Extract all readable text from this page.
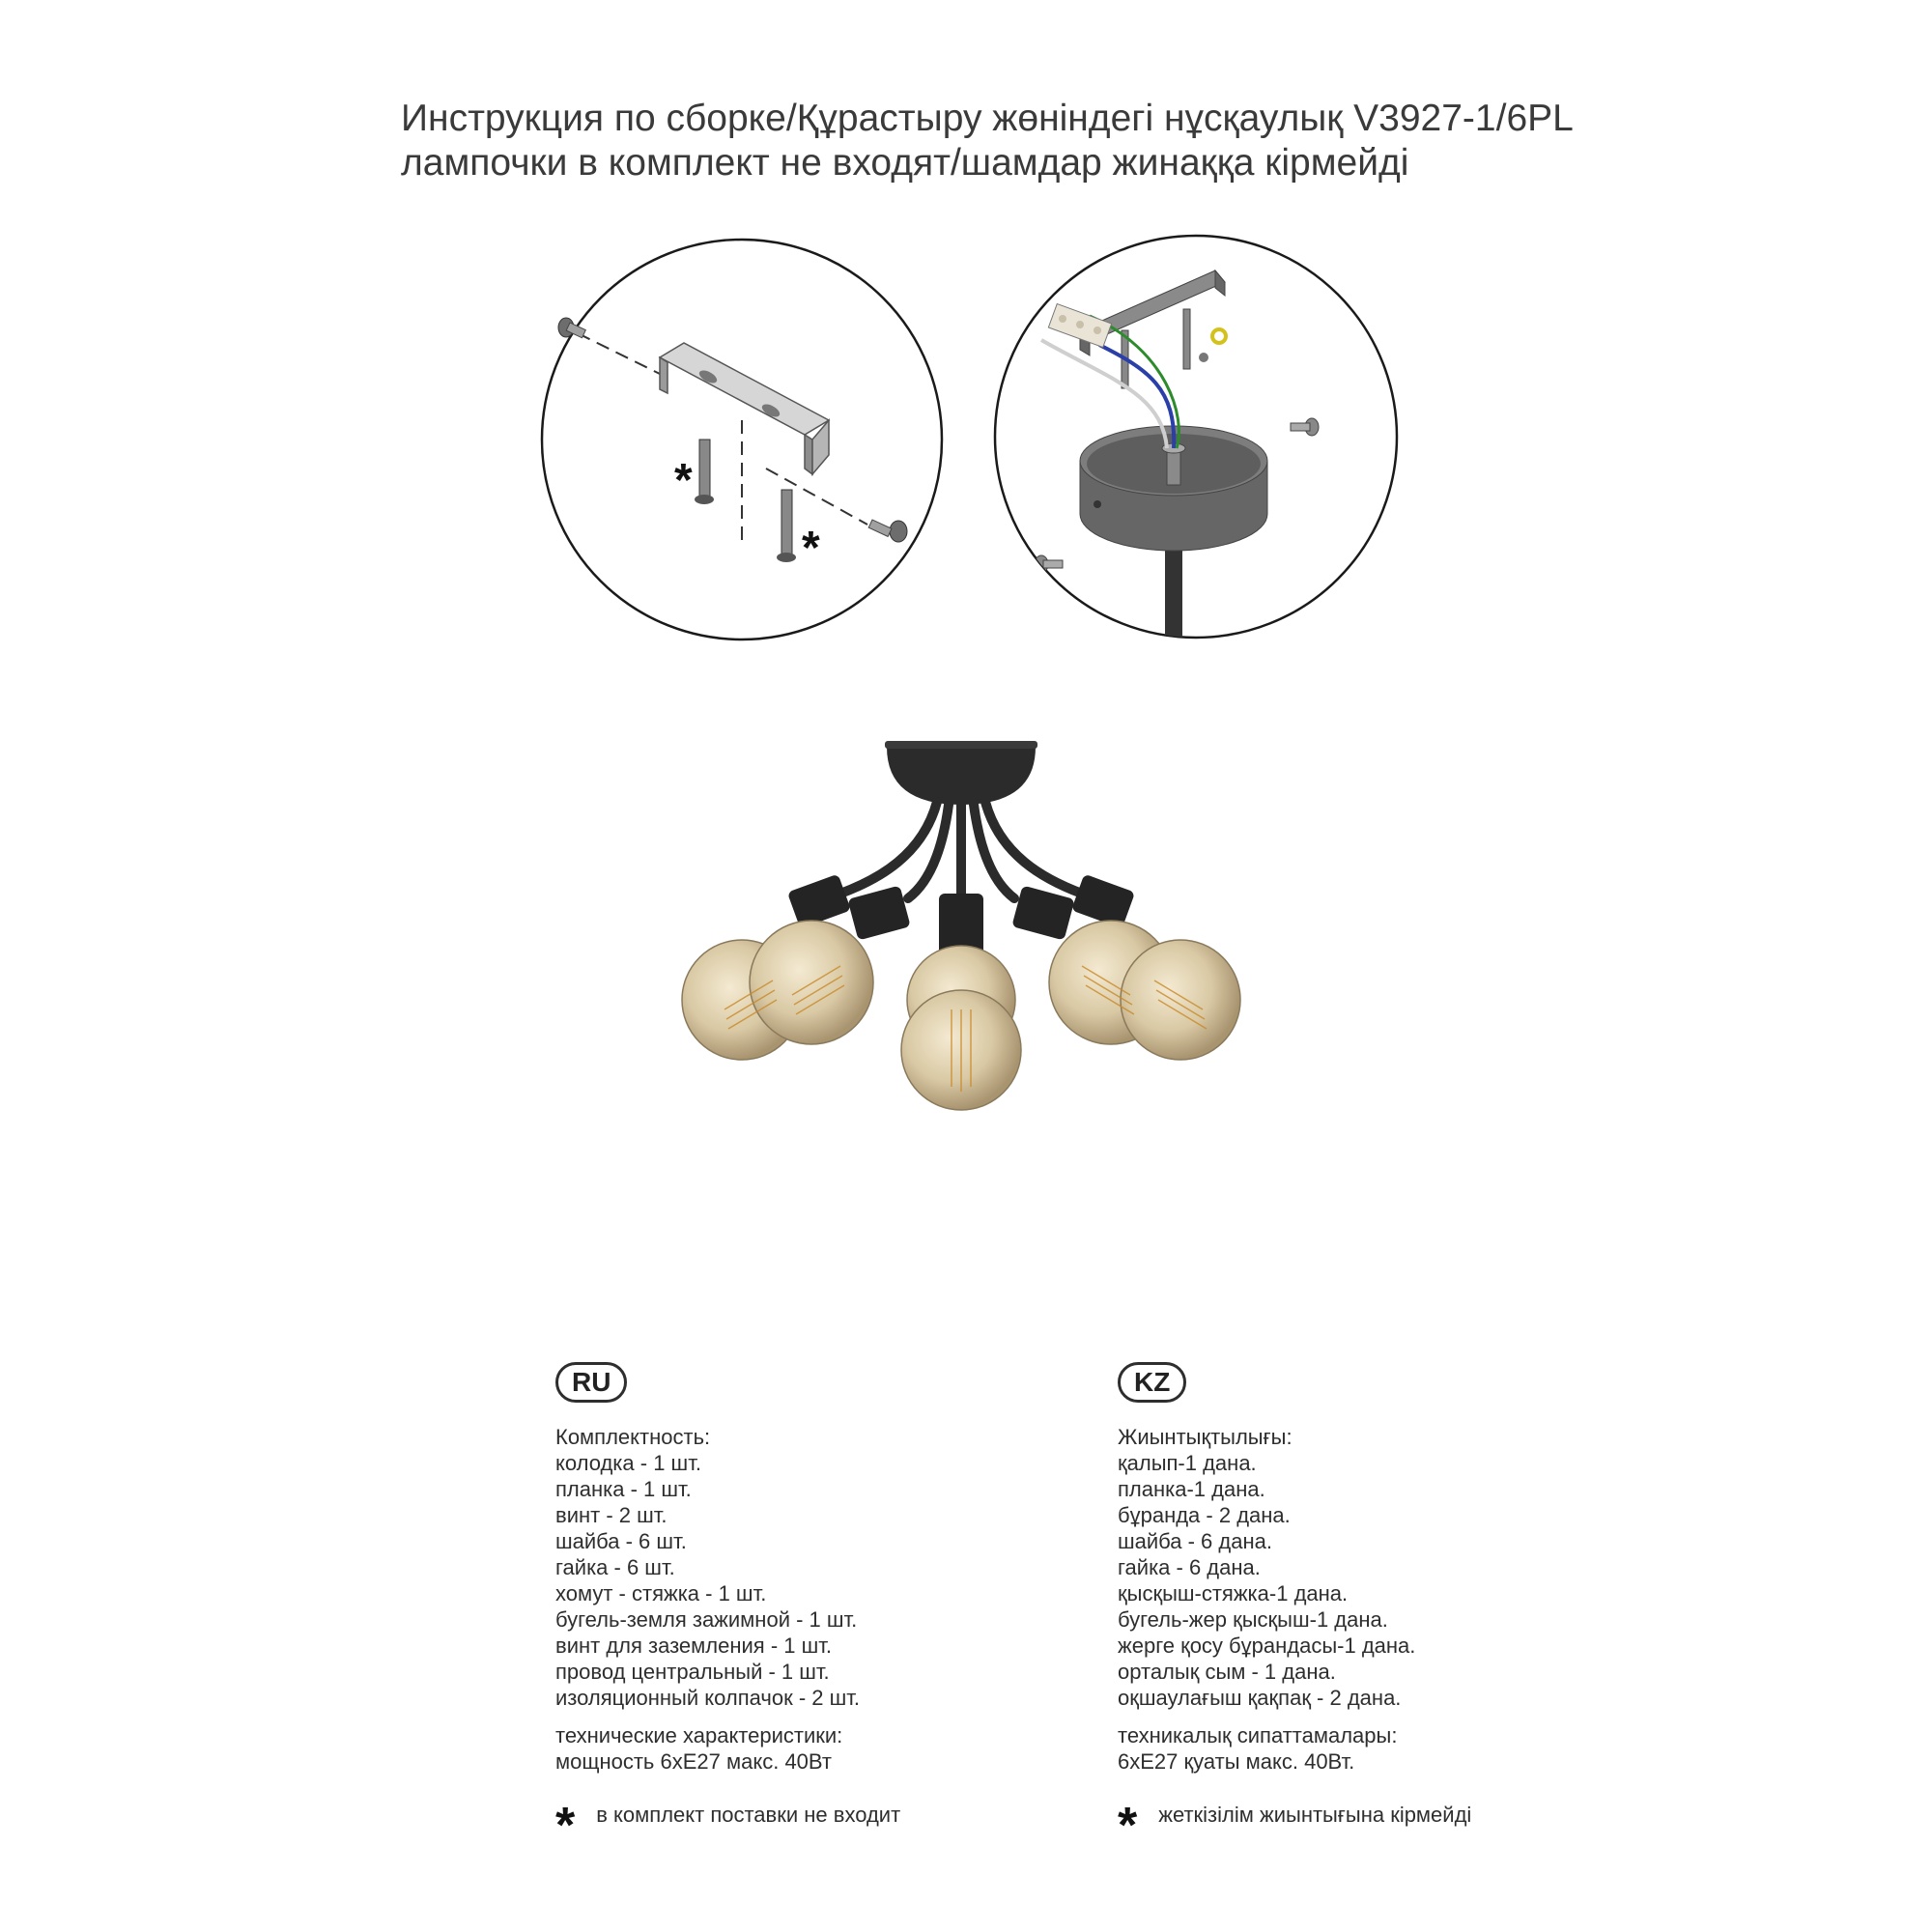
Инструкция по сборке/Құрастыру жөніндегі нұсқаулық V3927-1/6PL
лампочки в комплект не входят/шамдар жинаққа кірмейді
*
*
RU
Комплектность:
колодка - 1 шт.
планка - 1 шт.
винт - 2 шт.
шайба - 6 шт.
гайка - 6 шт.
хомут - стяжка - 1 шт.
бугель-земля зажимной - 1 шт.
винт для заземления - 1 шт.
провод центральный - 1 шт.
изоляционный колпачок - 2 шт.
технические характеристики:
мощность 6хЕ27 макс. 40Вт
* в комплект поставки не входит
KZ
Жиынтықтылығы:
қалып-1 дана.
планка-1 дана.
бұранда - 2 дана.
шайба - 6 дана.
гайка - 6 дана.
қысқыш-стяжка-1 дана.
бугель-жер қысқыш-1 дана.
жерге қосу бұрандасы-1 дана.
орталық сым - 1 дана.
оқшаулағыш қақпақ - 2 дана.
техникалық сипаттамалары:
6хЕ27 қуаты макс. 40Вт.
* жеткізілім жиынтығына кірмейді
